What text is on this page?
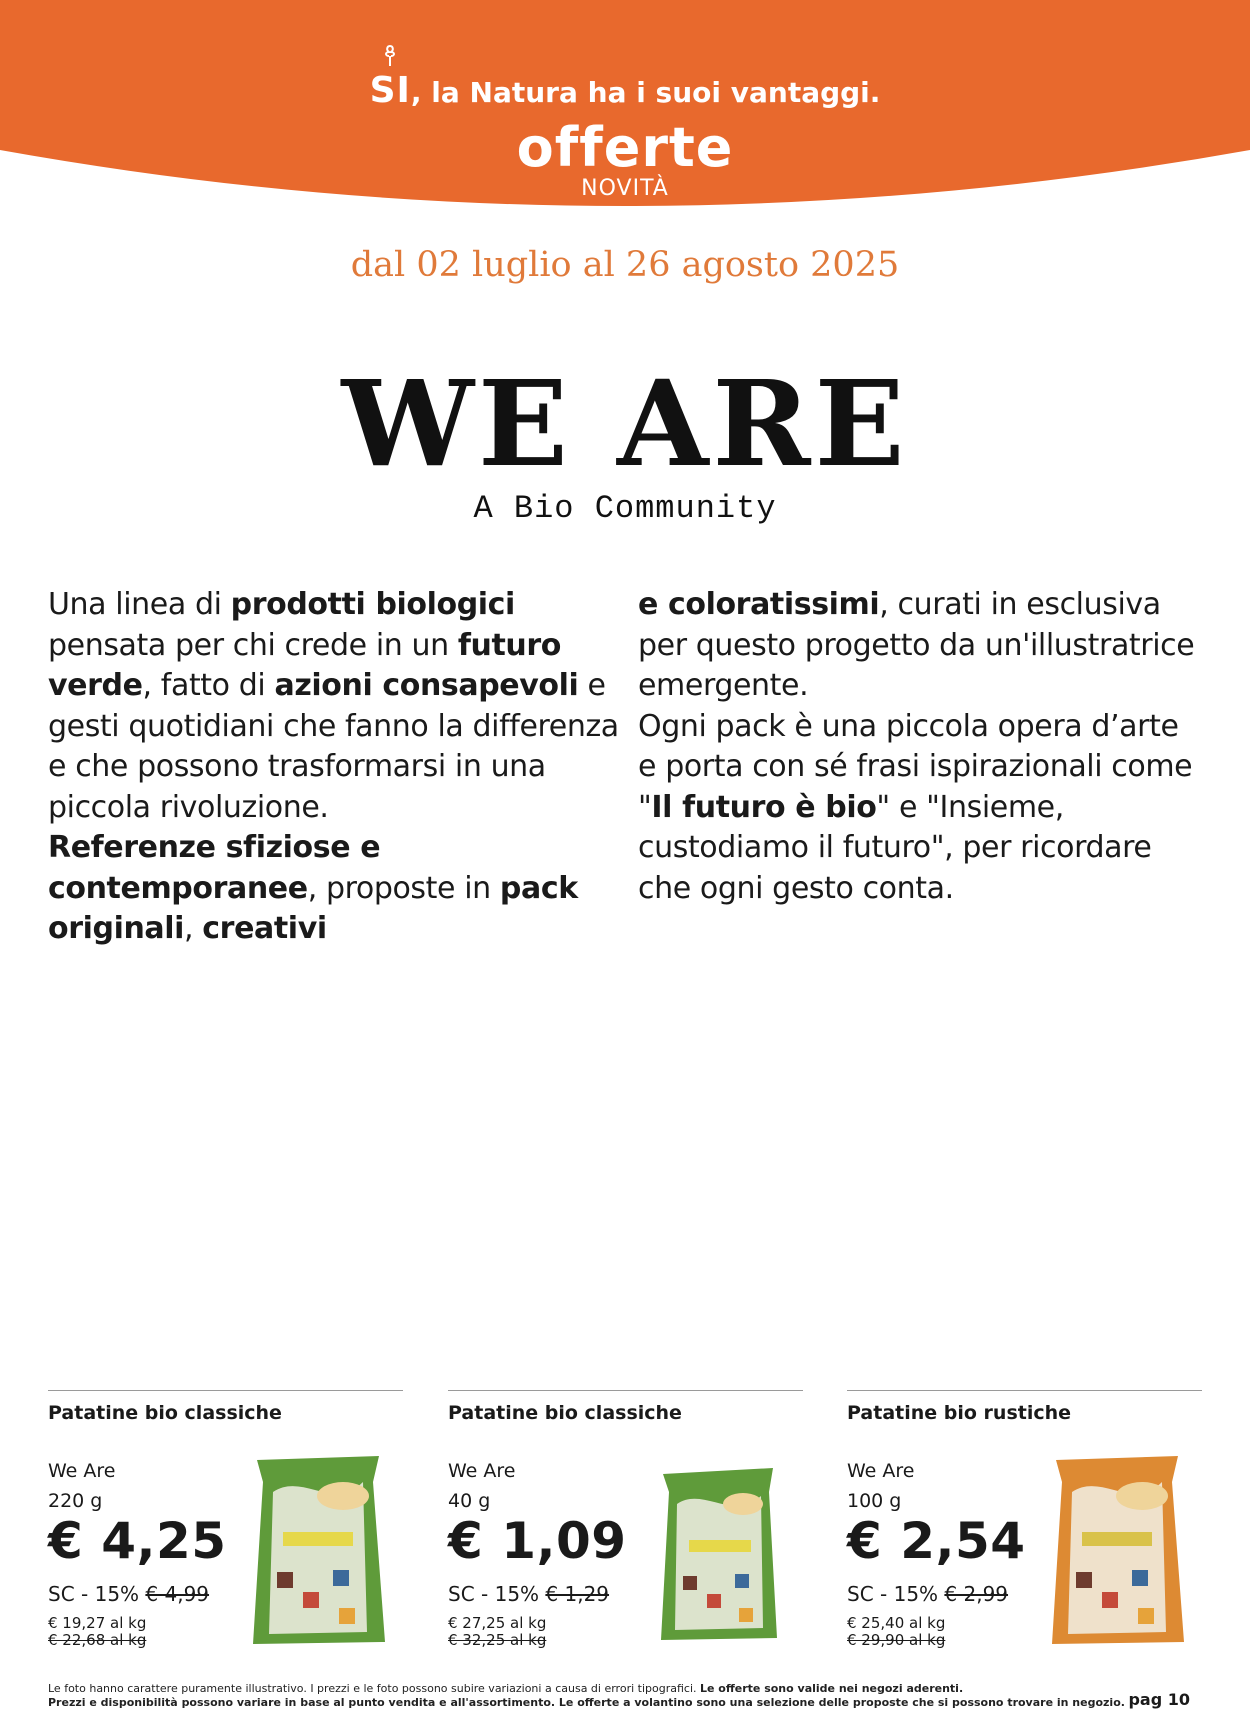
SI, la Natura ha i suoi vantaggi.
offerte
NOVITÀ
dal 02 luglio al 26 agosto 2025
WE ARE
A Bio Community
Una linea di prodotti biologici pensata per chi crede in un futuro verde, fatto di azioni consapevoli e gesti quotidiani che fanno la differenza e che possono trasformarsi in una piccola rivoluzione.
Referenze sfiziose e contemporanee, proposte in pack originali, creativi
e coloratissimi, curati in esclusiva per questo progetto da un'illustratrice emergente.
Ogni pack è una piccola opera d’arte e porta con sé frasi ispirazionali come "Il futuro è bio" e "Insieme, custodiamo il futuro", per ricordare che ogni gesto conta.
Patatine bio classiche
We Are
220 g
€ 4,25
SC - 15% € 4,99
€ 19,27 al kg
€ 22,68 al kg
Patatine bio classiche
We Are
40 g
€ 1,09
SC - 15% € 1,29
€ 27,25 al kg
€ 32,25 al kg
Patatine bio rustiche
We Are
100 g
€ 2,54
SC - 15% € 2,99
€ 25,40 al kg
€ 29,90 al kg
Le foto hanno carattere puramente illustrativo. I prezzi e le foto possono subire variazioni a causa di errori tipografici. Le offerte sono valide nei negozi aderenti.
Prezzi e disponibilità possono variare in base al punto vendita e all'assortimento. Le offerte a volantino sono una selezione delle proposte che si possono trovare in negozio. pag 10
